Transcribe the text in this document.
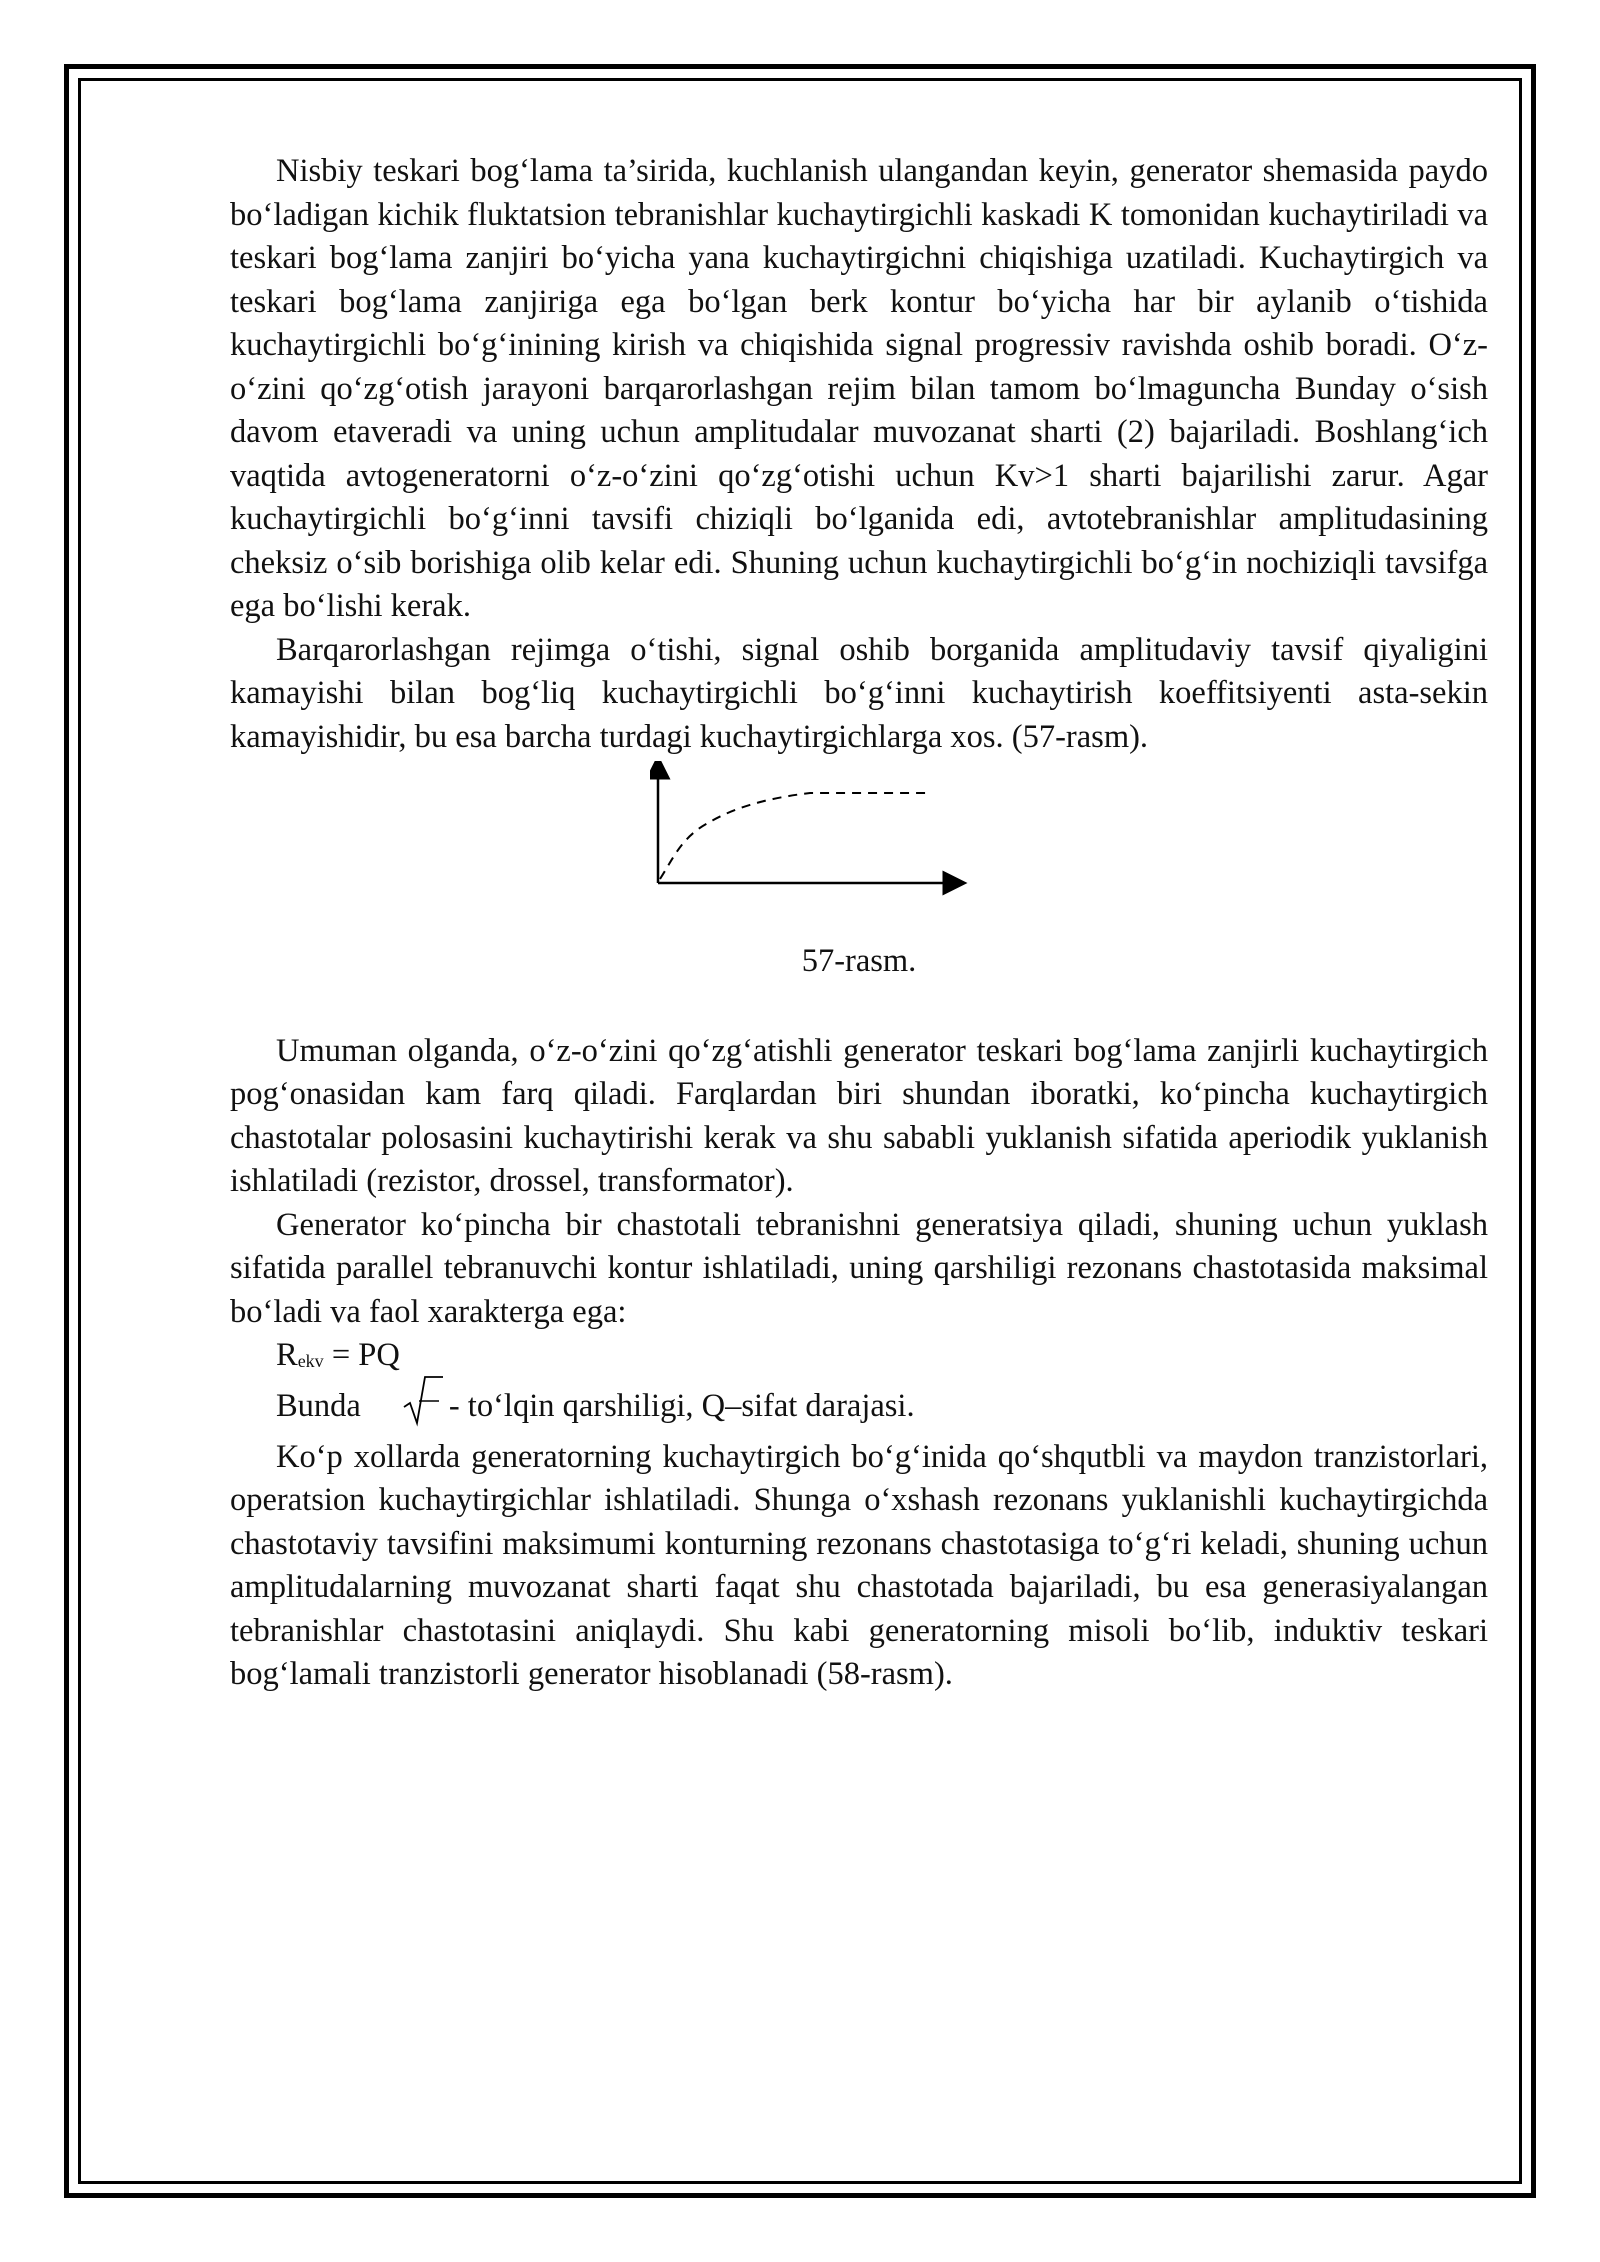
Nisbiy teskari bog‘lama ta’sirida, kuchlanish ulangandan keyin, generator shemasida paydo bo‘ladigan kichik fluktatsion tebranishlar kuchaytirgichli kaskadi K tomonidan kuchaytiriladi va teskari bog‘lama zanjiri bo‘yicha yana kuchaytirgichni chiqishiga uzatiladi. Kuchaytirgich va teskari bog‘lama zanjiriga ega bo‘lgan berk kontur bo‘yicha har bir aylanib o‘tishida kuchaytirgichli bo‘g‘inining kirish va chiqishida signal progressiv ravishda oshib boradi. O‘z-o‘zini qo‘zg‘otish jarayoni barqarorlashgan rejim bilan tamom bo‘lmaguncha Bunday o‘sish davom etaveradi va uning uchun amplitudalar muvozanat sharti (2) bajariladi. Boshlang‘ich vaqtida avtogeneratorni o‘z-o‘zini qo‘zg‘otishi uchun Kv>1 sharti bajarilishi zarur. Agar kuchaytirgichli bo‘g‘inni tavsifi chiziqli bo‘lganida edi, avtotebranishlar amplitudasining cheksiz o‘sib borishiga olib kelar edi. Shuning uchun kuchaytirgichli bo‘g‘in nochiziqli tavsifga ega bo‘lishi kerak.

Barqarorlashgan rejimga o‘tishi, signal oshib borganida amplitudaviy tavsif qiyaligini kamayishi bilan bog‘liq kuchaytirgichli bo‘g‘inni kuchaytirish koeffitsiyenti asta-sekin kamayishidir, bu esa barcha turdagi kuchaytirgichlarga xos. (57-rasm).

57-rasm.

Umuman olganda, o‘z-o‘zini qo‘zg‘atishli generator teskari bog‘lama zanjirli kuchaytirgich pog‘onasidan kam farq qiladi. Farqlardan biri shundan iboratki, ko‘pincha kuchaytirgich chastotalar polosasini kuchaytirishi kerak va shu sababli yuklanish sifatida aperiodik yuklanish ishlatiladi (rezistor, drossel, transformator).

Generator ko‘pincha bir chastotali tebranishni generatsiya qiladi, shuning uchun yuklash sifatida parallel tebranuvchi kontur ishlatiladi, uning qarshiligi rezonans chastotasida maksimal bo‘ladi va faol xarakterga ega:

$R_{ekv}$ = PQ
Bunda	- to‘lqin qarshiligi, Q–sifat darajasi.

Ko‘p xollarda generatorning kuchaytirgich bo‘g‘inida qo‘shqutbli va maydon tranzistorlari, operatsion kuchaytirgichlar ishlatiladi. Shunga o‘xshash rezonans yuklanishli kuchaytirgichda chastotaviy tavsifini maksimumi konturning rezonans chastotasiga to‘g‘ri keladi, shuning uchun amplitudalarning muvozanat sharti faqat shu chastotada bajariladi, bu esa generasiyalangan tebranishlar chastotasini aniqlaydi. Shu kabi generatorning misoli bo‘lib, induktiv teskari bog‘lamali tranzistorli generator hisoblanadi (58-rasm).
